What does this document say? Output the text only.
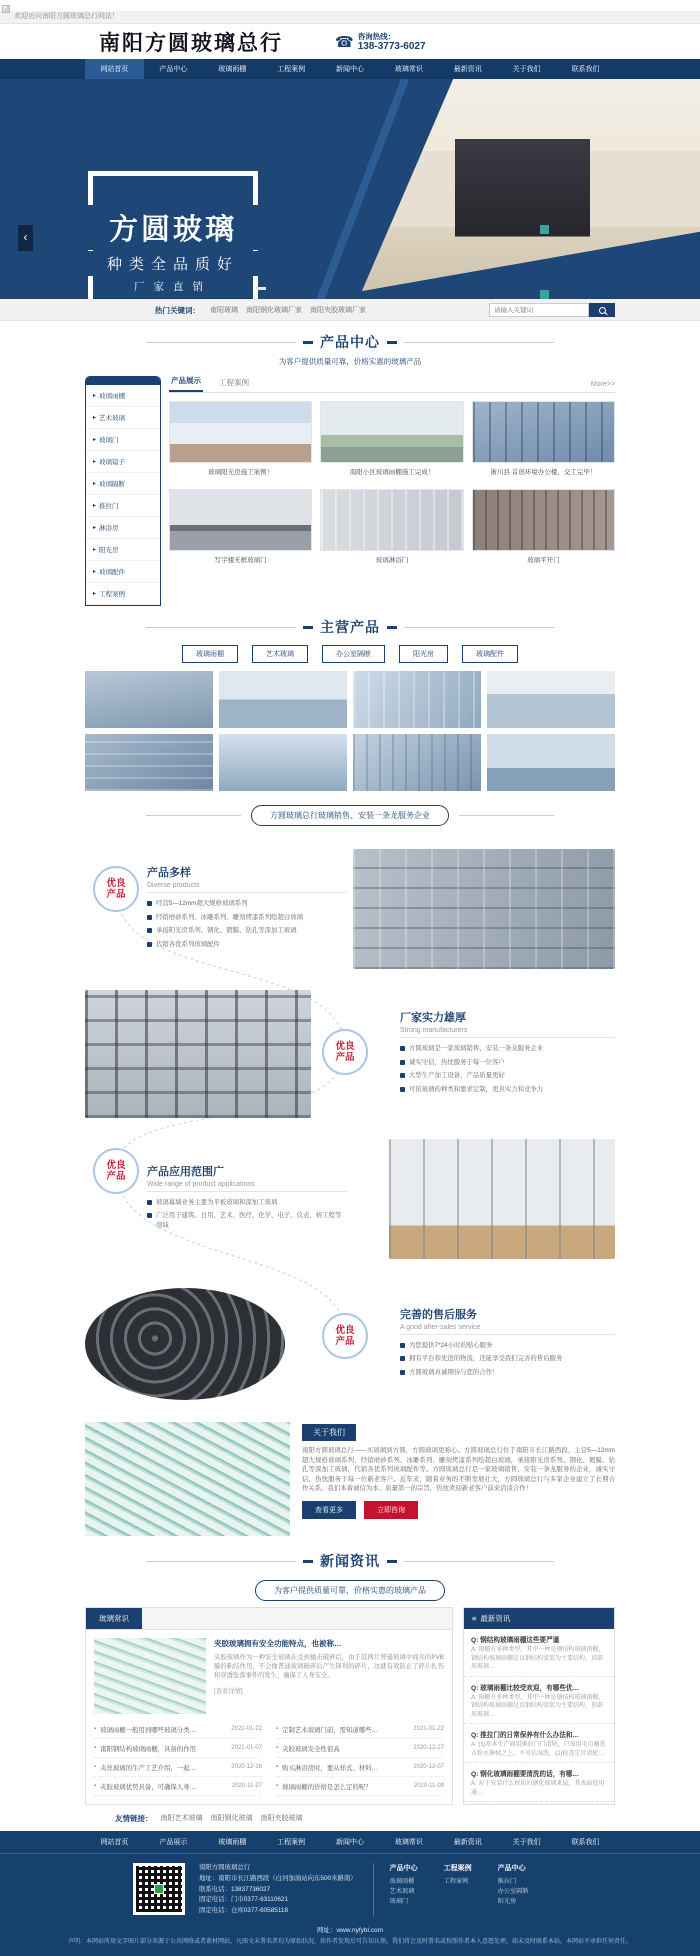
欢迎访问南阳方圆玻璃总行网站！
南阳方圆玻璃总行	☎ 咨询热线：
138-3773-6027
网站首页	产品中心	玻璃雨棚	工程案例	新闻中心	玻璃常识	最新资讯	关于我们	联系我们
方圆玻璃
种类全品质好
厂家直销
‹
热门关键词： 南阳玻璃 南阳钢化玻璃厂家 南阳夹胶玻璃厂家
请输入关键词
产品中心
为客户提供质量可靠，价格实惠的玻璃产品
▸ 玻璃雨棚
▸ 艺术玻璃
▸ 玻璃门
▸ 玻璃镜子
▸ 玻璃隔断
▸ 推拉门
▸ 淋浴房
▸ 阳光房
▸ 玻璃配件
▸ 工程案例
产品展示 工程案例	More>>
玻璃阳光房施工案例！	南阳小区玻璃雨棚施工完成！	淅川县 首创环境办公楼，交工完毕！
写字楼无框玻璃门	玻璃淋浴门	玻璃平开门
主营产品
玻璃雨棚	艺术玻璃	办公室隔断	阳光房	玻璃配件
方圆玻璃总行玻璃销售、安装一条龙服务企业
优良
产品
产品多样
Diverse products
经营5—12mm超大规格玻璃系列
经销磨砂系列、冰雕系列、雕刻烤漆系列绘超白玻璃
承接阳光房系列、钢化、镀膜、钻孔等深加工玻璃
代销各优系列玻璃配件
优良
产品
厂家实力雄厚
Strong manufacturers
方圆玻璃是一家玻璃销售、安装一条龙服务企业
诚实守信，热忱服务于每一位客户
大型生产加工设备，产品质量更好
可依玻璃的种类和要求定制，更具实力和竞争力
优良
产品 产品应用范围广
Wide range of product applications
玻璃幕墙业务主要为平板玻璃和深加工玻璃
广泛用于建筑、日用、艺术、医疗、化学、电子、仪表、核工程等领域
优良
产品
完善的售后服务
A good after-sales service
为您提供7*24小时的贴心服务
拥有平台和先进的物流，还能享受我们完善的售后服务
方圆玻璃真诚期待与您的合作！
关于我们

南阳方圆玻璃总行——买玻璃到方圆，方圆玻璃更称心。方圆玻璃总行位于南阳市长江路西段，主营5—12mm超大规格玻璃系列，经销磨砂系列、冰雕系列、雕刻烤漆系列绘超白玻璃，承接阳光房系列、钢化、镀膜、钻孔等深加工玻璃，代销各优系列玻璃配件等。方圆玻璃总行是一家玻璃销售、安装一条龙服务的企业，诚实守信，热忱服务于每一位新老客户。近年来，随着业务的不断发展壮大，方圆玻璃总行与多家企业建立了长期合作关系。我们本着诚信为本、质量第一的宗旨，热忱欢迎新老客户前来洽谈合作！

查看更多	立即咨询
新闻资讯
为客户提供质量可靠，价格实惠的玻璃产品
玻璃常识
夹胶玻璃拥有安全功能特点，也被称…
夹胶玻璃作为一种安全玻璃在受到撞击破碎后，由于其两片普通玻璃中间夹的PVB膜的粘结作用，不会像普通玻璃破碎后产生锋利的碎片，这就有效防止了碎片扎伤和穿透坠落事件的发生，确保了人身安全。
[查看详情]
▪ 玻璃雨棚一般用到哪些玻璃分类…	2021-01-22 ▪ 定制艺术玻璃门前，需知道哪些…	2021-01-22
▪ 南阳钢结构玻璃雨棚，具备的作用	2021-01-07 ▪ 夹胶玻璃安全性很高	2020-12-27
▪ 夹丝玻璃的生产工艺介绍，一起…	2020-12-16 ▪ 购买淋浴房时，要从样式、材料…	2020-12-07
▪ 夹胶玻璃优势具备，可确保人身…	2020-11-27 ▪ 玻璃雨棚的价格是怎么定的呢？	2020-11-09
≡ 最新资讯
Q: 钢结构玻璃雨棚这些要严谨
A: 雨棚有多种类型，其中一种是钢结构玻璃雨棚，钢结构玻璃雨棚是以钢结构梁架为主要结构、顶部用玻璃…
Q: 玻璃雨棚比较受欢迎，有哪些优…
A: 雨棚有多种类型，其中一种是钢结构玻璃雨棚，钢结构玻璃雨棚是以钢结构梁架为主要结构、顶部用玻璃…
Q: 推拉门的日常保养有什么办法和…
A: (1)基本生产商用推拉门门滑轨，只需用毛巾蘸洗衣粉水擦拭之上，不可沾湿洗。(2)检查定位滑轮…
Q: 钢化玻璃雨棚要清洗的话，有哪…
A: 对于安装什么材质的钢化玻璃来说，其表面使用通…
友情链接： 南阳艺术玻璃 南阳钢化玻璃 南阳夹胶玻璃
网站首页	产品展示	玻璃雨棚	工程案例	新闻中心	玻璃常识	最新资讯	关于我们	联系我们
南阳方圆玻璃总行
地址：南阳市长江路西段（白河加油站向东500米路南）
联系电话：13837736027
固定电话：门市0377-63110621
固定电话：仓库0377-60585118
产品中心
玻璃雨棚
艺术玻璃
玻璃门
工程案例
工程案例
产品中心
推拉门
办公室隔断
阳光房
网址：www.nyfybl.com
声明：本网站所用文字图片部分来源于公共网络或者素材网站，凡图文未署名者均为原始状况，如作者发现后可告知认领，我们将会及时署名或按照作者本人意愿处理，如未及时联系本站，本网站不承担任何责任。
